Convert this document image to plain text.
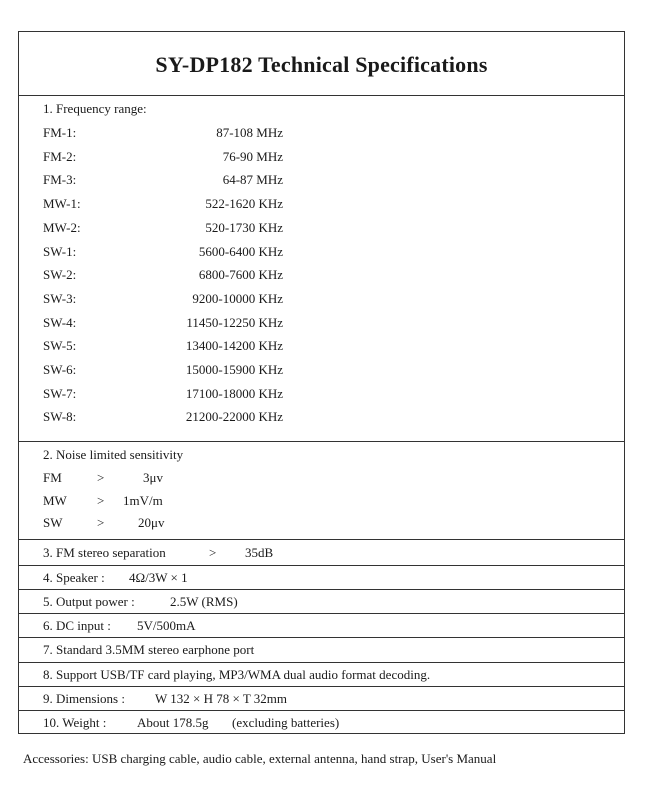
SY-DP182 Technical Specifications
1. Frequency range:
FM-1:	87-108 MHz
FM-2:	76-90 MHz
FM-3:	64-87 MHz
MW-1:	522-1620 KHz
MW-2:	520-1730 KHz
SW-1:	5600-6400 KHz
SW-2:	6800-7600 KHz
SW-3:	9200-10000 KHz
SW-4:	11450-12250 KHz
SW-5:	13400-14200 KHz
SW-6:	15000-15900 KHz
SW-7:	17100-18000 KHz
SW-8:	21200-22000 KHz
2. Noise limited sensitivity
FM	>	3μv
MW > 1mV/m
SW	>	20μv
3. FM stereo separation	> 35dB
4. Speaker : 4Ω/3W × 1
5. Output power :	2.5W (RMS)
6. DC input : 5V/500mA
7. Standard 3.5MM stereo earphone port
8. Support USB/TF card playing, MP3/WMA dual audio format decoding.
9. Dimensions : W 132 × H 78 × T 32mm
10. Weight : About 178.5g (excluding batteries)
Accessories: USB charging cable, audio cable, external antenna, hand strap, User's Manual
